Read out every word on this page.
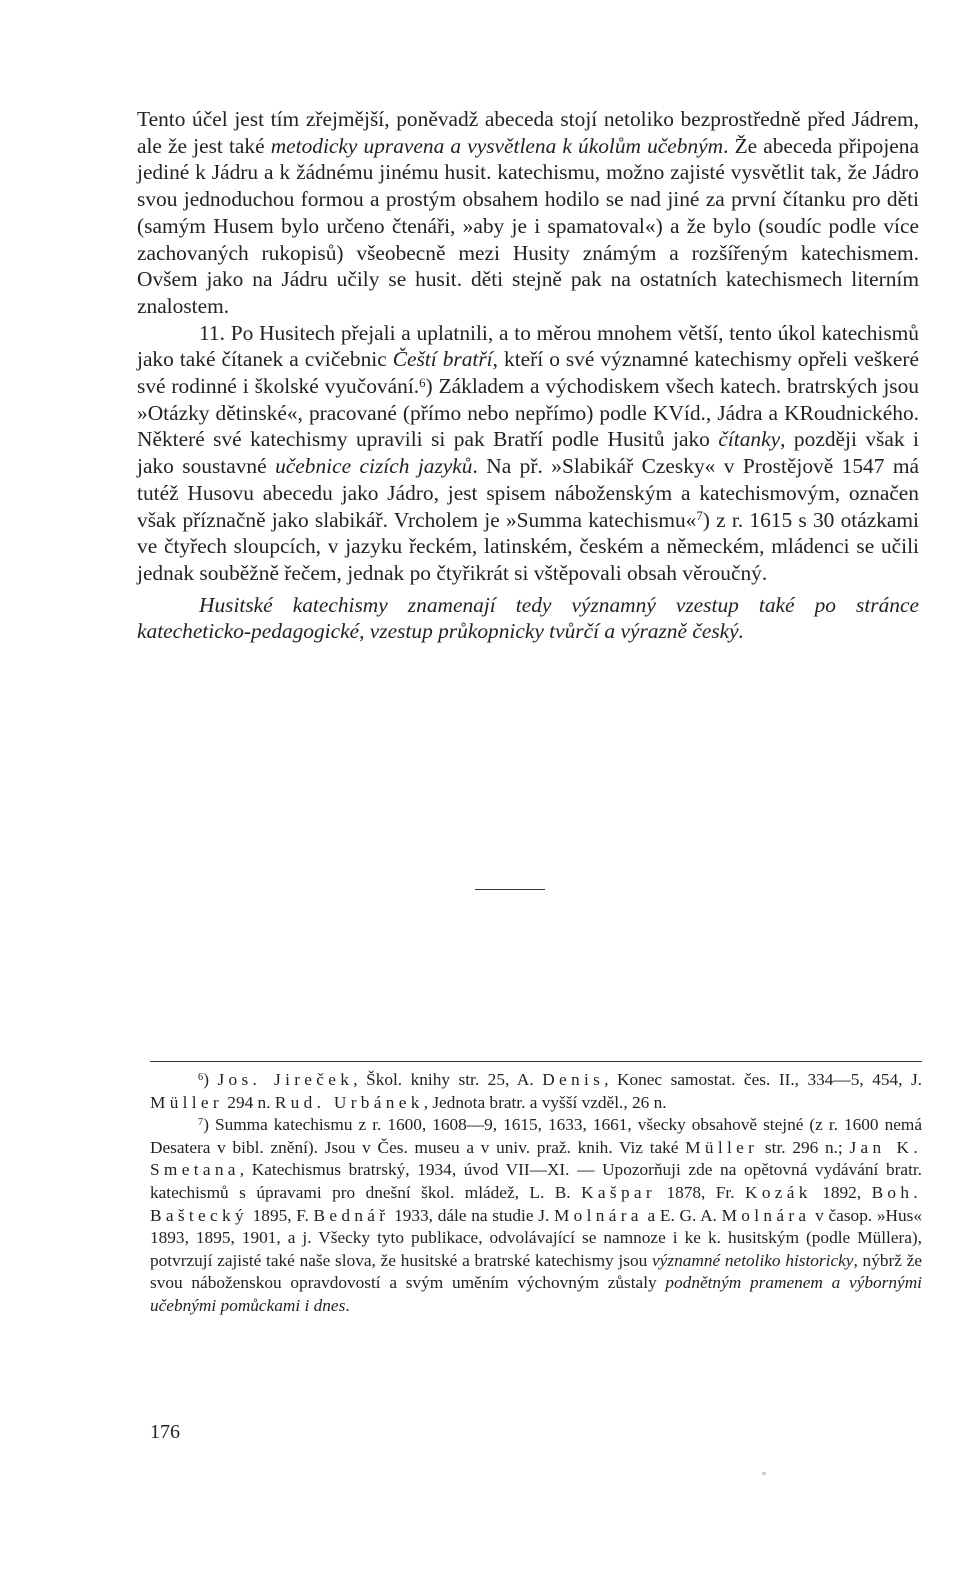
Tento účel jest tím zřejmější, poněvadž abeceda stojí netoliko bezprostředně před Jádrem, ale že jest také metodicky upravena a vysvětlena k úkolům učebným. Že abeceda připojena jediné k Jádru a k žádnému jinému husit. katechismu, možno zajisté vysvětlit tak, že Jádro svou jednoduchou formou a prostým obsahem hodilo se nad jiné za první čítanku pro děti (samým Husem bylo určeno čtenáři, »aby je i spamatoval«) a že bylo (soudíc podle více zachovaných rukopisů) všeobecně mezi Husity známým a rozšířeným katechismem. Ovšem jako na Jádru učily se husit. děti stejně pak na ostatních katechismech literním znalostem.

11. Po Husitech přejali a uplatnili, a to měrou mnohem větší, tento úkol katechismů jako také čítanek a cvičebnic Čeští bratří, kteří o své významné katechismy opřeli veškeré své rodinné i školské vyučování.$^6$) Základem a východiskem všech katech. bratrských jsou »Otázky dětinské«, pracované (přímo nebo nepřímo) podle KVíd., Jádra a KRoudnického. Některé své katechismy upravili si pak Bratří podle Husitů jako čítanky, později však i jako soustavné učebnice cizích jazyků. Na př. »Slabikář Czesky« v Prostějově 1547 má tutéž Husovu abecedu jako Jádro, jest spisem náboženským a katechismovým, označen však příznačně jako slabikář. Vrcholem je »Summa katechismu«$^7$) z r. 1615 s 30 otázkami ve čtyřech sloupcích, v jazyku řeckém, latinském, českém a německém, mládenci se učili jednak souběžně řečem, jednak po čtyřikrát si vštěpovali obsah věroučný.

Husitské katechismy znamenají tedy významný vzestup také po stránce katecheticko-pedagogické, vzestup průkopnicky tvůrčí a výrazně český.

$^6$) Jos. Jireček, Škol. knihy str. 25, A. Denis, Konec samostat. čes. II., 334—5, 454, J. Müller 294 n. Rud. Urbánek, Jednota bratr. a vyšší vzděl., 26 n.

$^7$) Summa katechismu z r. 1600, 1608—9, 1615, 1633, 1661, všecky obsahově stejné (z r. 1600 nemá Desatera v bibl. znění). Jsou v Čes. museu a v univ. praž. knih. Viz také Müller str. 296 n.; Jan K. Smetana, Katechismus bratrský, 1934, úvod VII—XI. — Upozorňuji zde na opětovná vydávání bratr. katechismů s úpravami pro dnešní škol. mládež, L. B. Kašpar 1878, Fr. Kozák 1892, Boh. Baštecký 1895, F. Bednář 1933, dále na studie J. Molnára a E. G. A. Molnára v časop. »Hus« 1893, 1895, 1901, a j. Všecky tyto publikace, odvolávající se namnoze i ke k. husitským (podle Müllera), potvrzují zajisté také naše slova, že husitské a bratrské katechismy jsou významné netoliko historicky, nýbrž že svou náboženskou opravdovostí a svým uměním výchovným zůstaly podnětným pramenem a výbornými učebnými pomůckami i dnes.

176
°
